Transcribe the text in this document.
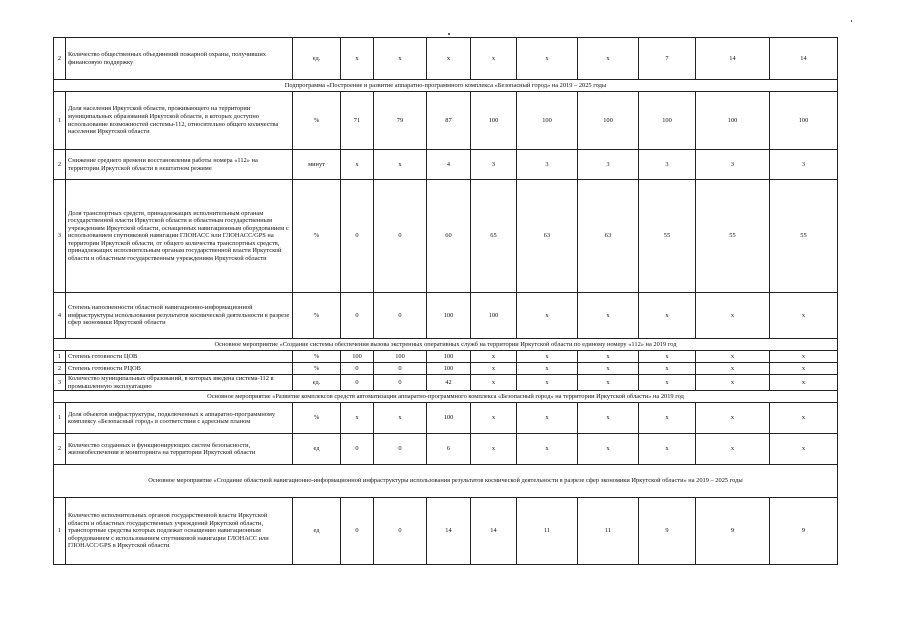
2	Количество общественных объединений пожарной охраны, получивших финансовую поддержку	ед.	х	х	х	х	х	х	7	14	14
Подпрограмма «Построение и развитие аппаратно-программного комплекса «Безопасный город» на 2019 – 2025 годы											
1	Доля населения Иркутской области, проживающего на территории муниципальных образований Иркутской области, в которых доступно использование возможностей системы-112, относительно общего количества населения Иркутской области	%	71	79	87	100	100	100	100	100	100
2	Снижение среднего времени восстановления работы номера «112» на территории Иркутской области в нештатном режиме	минут	х	х	4	3	3	3	3	3	3
3	Доля транспортных средств, принадлежащих исполнительным органам государственной власти Иркутской области и областным государственным учреждениям Иркутской области, оснащенных навигационным оборудованием с использованием спутниковой навигации ГЛОНАСС или ГЛОНАСС/GPS на территории Иркутской области, от общего количества транспортных средств, принадлежащих исполнительным органам государственной власти Иркутской области и областным государственным учреждениям Иркутской области	%	0	0	60	65	63	63	55	55	55
4	Степень наполненности областной навигационно-информационной инфраструктуры использования результатов космической деятельности в разрезе сфер экономики Иркутской области	%	0	0	100	100	х	х	х	х	х
Основное мероприятие «Создание системы обеспечения вызова экстренных оперативных служб на территории Иркутской области по единому номеру «112» на 2019 год											
1	Степень готовности ЦОВ	%	100	100	100	х	х	х	х	х	х
2	Степень готовности РЦОВ	%	0	0	100	х	х	х	х	х	х
3	Количество муниципальных образований, в которых введена система-112 в промышленную эксплуатацию	ед.	0	0	42	х	х	х	х	х	х
Основное мероприятие «Развитие комплексов средств автоматизации аппаратно-программного комплекса «Безопасный город» на территории Иркутской области» на 2019 год											
1	Доля объектов инфраструктуры, подключенных к аппаратно-программному комплексу «Безопасный город» в соответствии с адресным планом	%	х	х	100	х	х	х	х	х	х
2	Количество созданных и функционирующих систем безопасности, жизнеобеспечения и мониторинга на территории Иркутской области	ед	0	0	6	х	х	х	х	х	х
Основное мероприятие «Создание областной навигационно-информационной инфраструктуры использования результатов космической деятельности в разрезе сфер экономики Иркутской области» на 2019 – 2025 годы											
1	Количество исполнительных органов государственной власти Иркутской области и областных государственных учреждений Иркутской области, транспортные средства которых подлежат оснащению навигационным оборудованием с использованием спутниковой навигации ГЛОНАСС или ГЛОНАСС/GPS в Иркутской области	ед	0	0	14	14	11	11	9	9	9
